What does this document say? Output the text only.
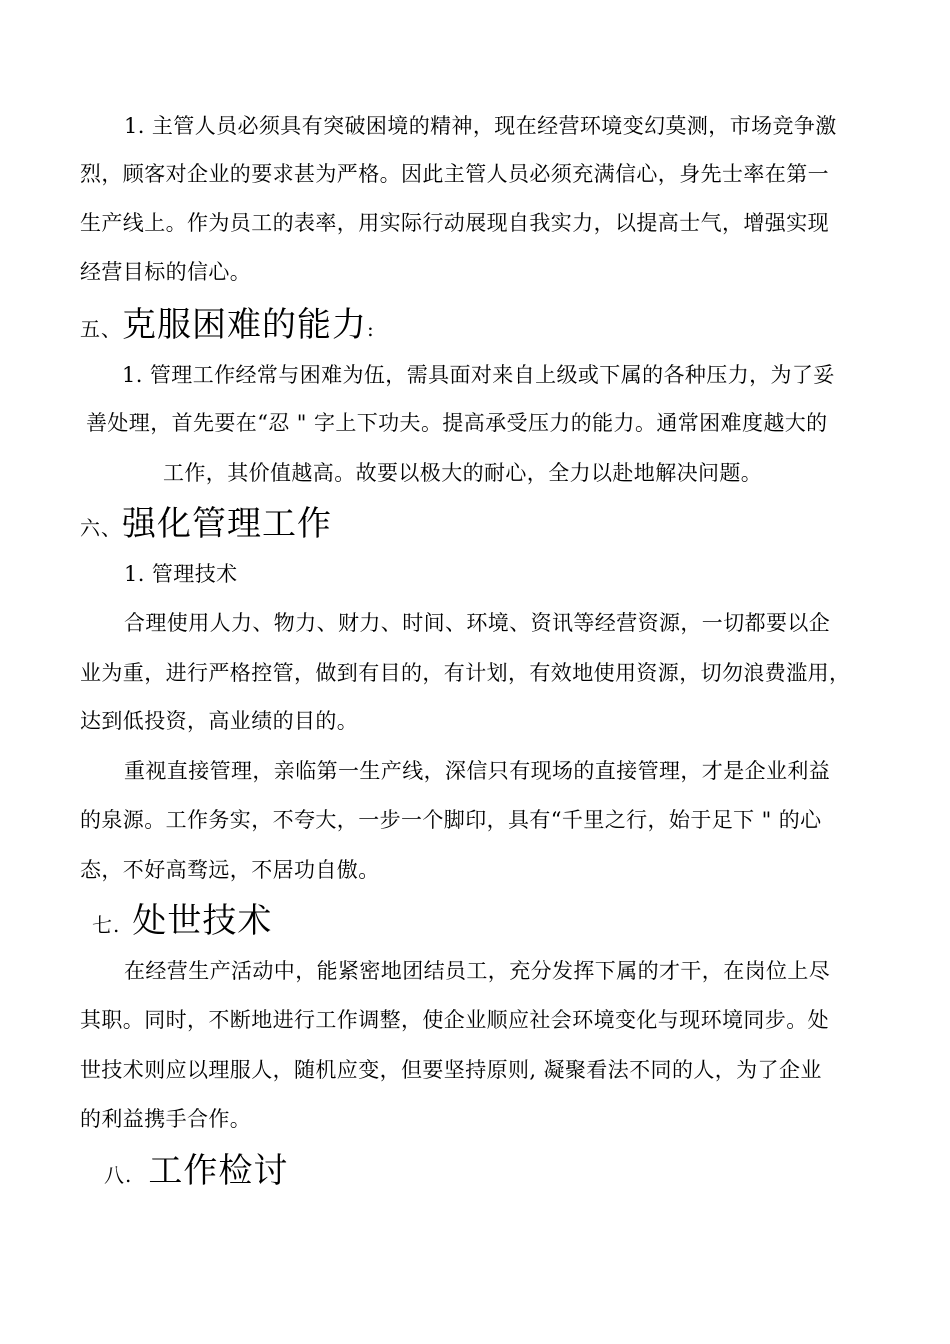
1. 主管人员必须具有突破困境的精神，现在经营环境变幻莫测，市场竞争激
烈，顾客对企业的要求甚为严格。因此主管人员必须充满信心，身先士率在第一
生产线上。作为员工的表率，用实际行动展现自我实力，以提高士气，增强实现
经营目标的信心。
五、克服困难的能力:
1. 管理工作经常与困难为伍，需具面对来自上级或下属的各种压力，为了妥
善处理，首先要在“忍 " 字上下功夫。提高承受压力的能力。通常困难度越大的
工作，其价值越高。故要以极大的耐心，全力以赴地解决问题。
六、强化管理工作
1. 管理技术
合理使用人力、物力、财力、时间、环境、资讯等经营资源，一切都要以企
业为重，进行严格控管，做到有目的，有计划，有效地使用资源，切勿浪费滥用，
达到低投资，高业绩的目的。
重视直接管理，亲临第一生产线，深信只有现场的直接管理，才是企业利益
的泉源。工作务实，不夸大，一步一个脚印，具有“千里之行，始于足下 " 的心
态，不好高骛远，不居功自傲。
七. 处世技术
在经营生产活动中，能紧密地团结员工，充分发挥下属的才干，在岗位上尽
其职。同时，不断地进行工作调整，使企业顺应社会环境变化与现环境同步。处
世技术则应以理服人，随机应变，但要坚持原则, 凝聚看法不同的人，为了企业
的利益携手合作。
八. 工作检讨
